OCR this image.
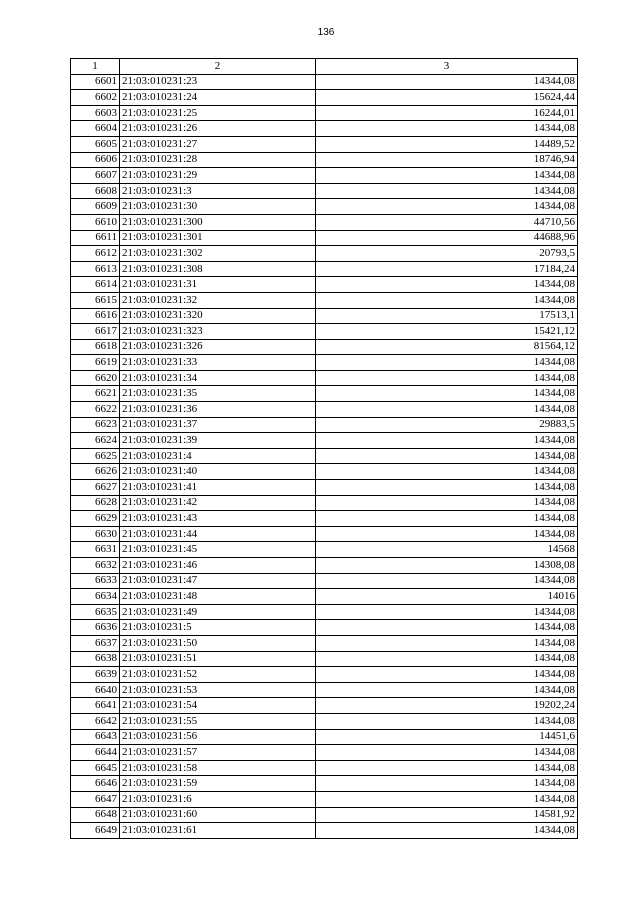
136
1	2	3
6601	21:03:010231:23	14344,08
6602	21:03:010231:24	15624,44
6603	21:03:010231:25	16244,01
6604	21:03:010231:26	14344,08
6605	21:03:010231:27	14489,52
6606	21:03:010231:28	18746,94
6607	21:03:010231:29	14344,08
6608	21:03:010231:3	14344,08
6609	21:03:010231:30	14344,08
6610	21:03:010231:300	44710,56
6611	21:03:010231:301	44688,96
6612	21:03:010231:302	20793,5
6613	21:03:010231:308	17184,24
6614	21:03:010231:31	14344,08
6615	21:03:010231:32	14344,08
6616	21:03:010231:320	17513,1
6617	21:03:010231:323	15421,12
6618	21:03:010231:326	81564,12
6619	21:03:010231:33	14344,08
6620	21:03:010231:34	14344,08
6621	21:03:010231:35	14344,08
6622	21:03:010231:36	14344,08
6623	21:03:010231:37	29883,5
6624	21:03:010231:39	14344,08
6625	21:03:010231:4	14344,08
6626	21:03:010231:40	14344,08
6627	21:03:010231:41	14344,08
6628	21:03:010231:42	14344,08
6629	21:03:010231:43	14344,08
6630	21:03:010231:44	14344,08
6631	21:03:010231:45	14568
6632	21:03:010231:46	14308,08
6633	21:03:010231:47	14344,08
6634	21:03:010231:48	14016
6635	21:03:010231:49	14344,08
6636	21:03:010231:5	14344,08
6637	21:03:010231:50	14344,08
6638	21:03:010231:51	14344,08
6639	21:03:010231:52	14344,08
6640	21:03:010231:53	14344,08
6641	21:03:010231:54	19202,24
6642	21:03:010231:55	14344,08
6643	21:03:010231:56	14451,6
6644	21:03:010231:57	14344,08
6645	21:03:010231:58	14344,08
6646	21:03:010231:59	14344,08
6647	21:03:010231:6	14344,08
6648	21:03:010231:60	14581,92
6649	21:03:010231:61	14344,08
